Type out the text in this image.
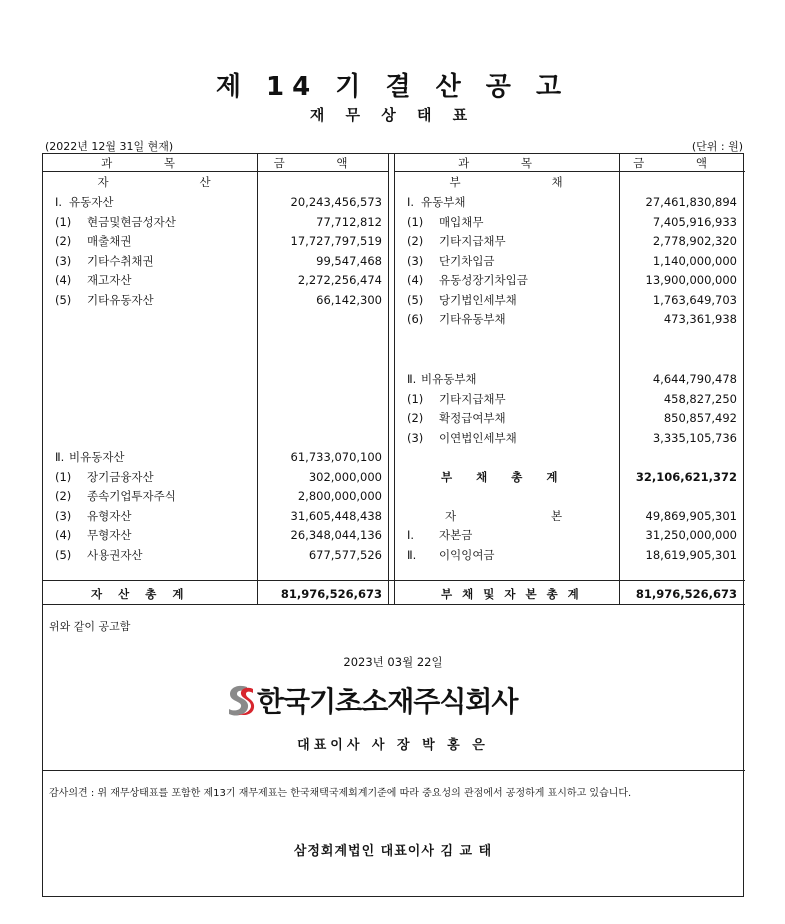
제 14 기 결 산 공 고
재 무 상 태 표
(2022년 12월 31일 현재)	(단위 : 원)
과 목	금 액	과 목	금 액
자	산
Ⅰ. 유동자산	20,243,456,573
(1)	현금및현금성자산	77,712,812
(2)	매출채권	17,727,797,519
(3)	기타수취채권	99,547,468
(4)	재고자산	2,272,256,474
(5)	기타유동자산	66,142,300
Ⅱ. 비유동자산	61,733,070,100
(1)	장기금융자산	302,000,000
(2)	종속기업투자주식	2,800,000,000
(3)	유형자산	31,605,448,438
(4)	무형자산	26,348,044,136
(5)	사용권자산	677,577,526
자 산 총 계	81,976,526,673
부	채
Ⅰ. 유동부채	27,461,830,894
(1)	매입채무	7,405,916,933
(2)	기타지급채무	2,778,902,320
(3)	단기차입금	1,140,000,000
(4)	유동성장기차입금	13,900,000,000
(5)	당기법인세부채	1,763,649,703
(6)	기타유동부채	473,361,938
Ⅱ. 비유동부채	4,644,790,478
(1)	기타지급채무	458,827,250
(2)	확정급여부채	850,857,492
(3)	이연법인세부채	3,335,105,736
부 채 총 계	32,106,621,372
자	본	49,869,905,301
Ⅰ.	자본금	31,250,000,000
Ⅱ.	이익잉여금	18,619,905,301
부 채 및 자 본 총 계	81,976,526,673
위와 같이 공고함
2023년 03월 22일
한국기초소재주식회사
대표이사 사 장 박 홍 은
감사의견 : 위 재무상태표를 포함한 제13기 재무제표는 한국채택국제회계기준에 따라 중요성의 관점에서 공정하게 표시하고 있습니다.
삼정회계법인 대표이사 김 교 태
